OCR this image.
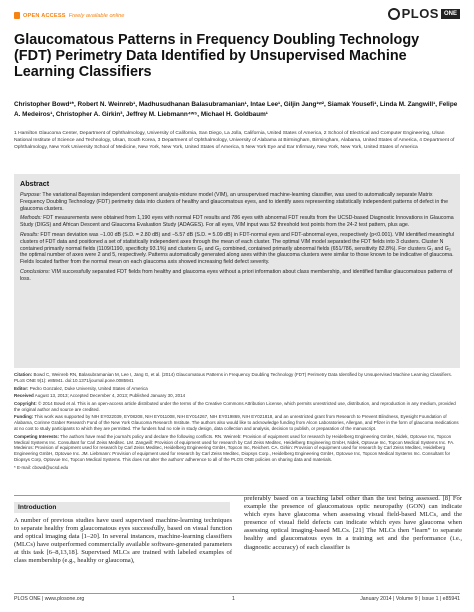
OPEN ACCESS Freely available online	PLOS ONE
Glaucomatous Patterns in Frequency Doubling Technology (FDT) Perimetry Data Identified by Unsupervised Machine Learning Classifiers
Christopher Bowd¹*, Robert N. Weinreb¹, Madhusudhanan Balasubramanian¹, Intae Lee¹, Giljin Jang¹ʷ², Siamak Yousefi¹, Linda M. Zangwill¹, Felipe A. Medeiros¹, Christopher A. Girkin³, Jeffrey M. Liebmann⁴ʷ⁵, Michael H. Goldbaum¹
1 Hamilton Glaucoma Center, Department of Ophthalmology, University of California, San Diego, La Jolla, California, United States of America, 2 School of Electrical and Computer Engineering, Ulsan National Institute of Science and Technology, Ulsan, South Korea, 3 Department of Ophthalmology, University of Alabama at Birmingham, Birmingham, Alabama, United States of America, 4 Department of Ophthalmology, New York University School of Medicine, New York, New York, United States of America, 5 New York Eye and Ear Infirmary, New York, New York, United States of America
Abstract

Purpose: The variational Bayesian independent component analysis-mixture model (VIM), an unsupervised machine-learning classifier, was used to automatically separate Matrix Frequency Doubling Technology (FDT) perimetry data into clusters of healthy and glaucomatous eyes, and to identify axes representing statistically independent patterns of defect in the glaucoma clusters.

Methods: FDT measurements were obtained from 1,190 eyes with normal FDT results and 786 eyes with abnormal FDT results from the UCSD-based Diagnostic Innovations in Glaucoma Study (DIGS) and African Descent and Glaucoma Evaluation Study (ADAGES). For all eyes, VIM input was 52 threshold test points from the 24-2 test pattern, plus age.

Results: FDT mean deviation was −1.00 dB (S.D. = 2.80 dB) and −5.57 dB (S.D. = 5.09 dB) in FDT-normal eyes and FDT-abnormal eyes, respectively (p<0.001). VIM identified meaningful clusters of FDT data and positioned a set of statistically independent axes through the mean of each cluster. The optimal VIM model separated the FDT fields into 3 clusters. Cluster N contained primarily normal fields (1109/1190, specificity 93.1%) and clusters G₁ and G₂ combined, contained primarily abnormal fields (651/786, sensitivity 82.8%). For clusters G₁ and G₂ the optimal number of axes were 2 and 5, respectively. Patterns automatically generated along axes within the glaucoma clusters were similar to those known to be indicative of glaucoma. Fields located farther from the normal mean on each glaucoma axis showed increasing field defect severity.

Conclusions: VIM successfully separated FDT fields from healthy and glaucoma eyes without a priori information about class membership, and identified familiar glaucomatous patterns of loss.

Citation: Bowd C, Weinreb RN, Balasubramanian M, Lee I, Jang G, et al. (2014) Glaucomatous Patterns in Frequency Doubling Technology (FDT) Perimetry Data Identified by Unsupervised Machine Learning Classifiers. PLoS ONE 9(1): e85941. doi:10.1371/journal.pone.0085941

Editor: Pedro Gonzalez, Duke University, United States of America

Received August 13, 2013; Accepted December 4, 2013; Published January 30, 2014

Copyright: © 2014 Bowd et al. This is an open-access article distributed under the terms of the Creative Commons Attribution License, which permits unrestricted use, distribution, and reproduction in any medium, provided the original author and source are credited.

Funding: This work was supported by NIH EY022039, EY08208, NIH EY011008, NIH EY014267, NIH EY019869, NIH EY021818, and an unrestricted grant from Research to Prevent Blindness, Eyesight Foundation of Alabama, Corinne Graber Research Fund of the New York Glaucoma Research Institute. The authors also would like to acknowledge funding from Alcon Laboratories, Allergan, and Pfizer in the form of glaucoma medications at no cost to study participants to which they are permitted. The funders had no role in study design, data collection and analysis, decision to publish, or preparation of the manuscript.

Competing Interests: The authors have read the journal's policy and declare the following conflicts. RN. Weinreb: Provision of equipment used for research by Heidelberg Engineering GmbH, Nidek, Optovue Inc, Topcon Medical Systems Inc. Consultant for Carl Zeiss Meditec. LM. Zangwill: Provision of equipment used for research by Carl Zeiss Meditec, Heidelberg Engineering GmbH, Nidek, Optovue Inc, Topcon Medical Systems Inc. FA. Medeiros: Provision of equipment used for research by Carl Zeiss Meditec, Heidelberg Engineering GmbH, Topcon Inc, Reichert. CA. Girkin: Provision of equipment used for research by Carl Zeiss Meditec, Heidelberg Engineering GmbH, Optovue Inc. JM. Liebmann: Provision of equipment used for research by Carl Zeiss Meditec, Diopsys Corp., Heidelberg Engineering GmbH, Optovue Inc, Topcon Medical Systems Inc. Consultant for Diopsys Corp, Optovue Inc, Topcon Medical Systems. This does not alter the authors' adherence to all of the PLOS ONE policies on sharing data and materials.

* E-mail: cbowd@ucsd.edu

Introduction
A number of previous studies have used supervised machine-learning techniques to separate healthy from glaucomatous eyes successfully, based on visual function and optical imaging data [1–20]. In several instances, machine-learning classifiers (MLCs) have outperformed commercially available software-generated parameters at this task [6–8,13,18]. Supervised MLCs are trained with labeled examples of class membership (e.g., healthy or glaucoma),
preferably based on a teaching label other than the test being assessed. [8] For example the presence of glaucomatous optic neuropathy (GON) can indicate which eyes have glaucoma when assessing visual field-based MLCs, and the presence of visual field defects can indicate which eyes have glaucoma when assessing optical imaging-based MLCs. [21] The MLCs then “learn” to separate healthy and glaucomatous eyes in a training set and the performance (i.e., diagnostic accuracy) of each classifier is
PLOS ONE | www.plosone.org	1	January 2014 | Volume 9 | Issue 1 | e85941
